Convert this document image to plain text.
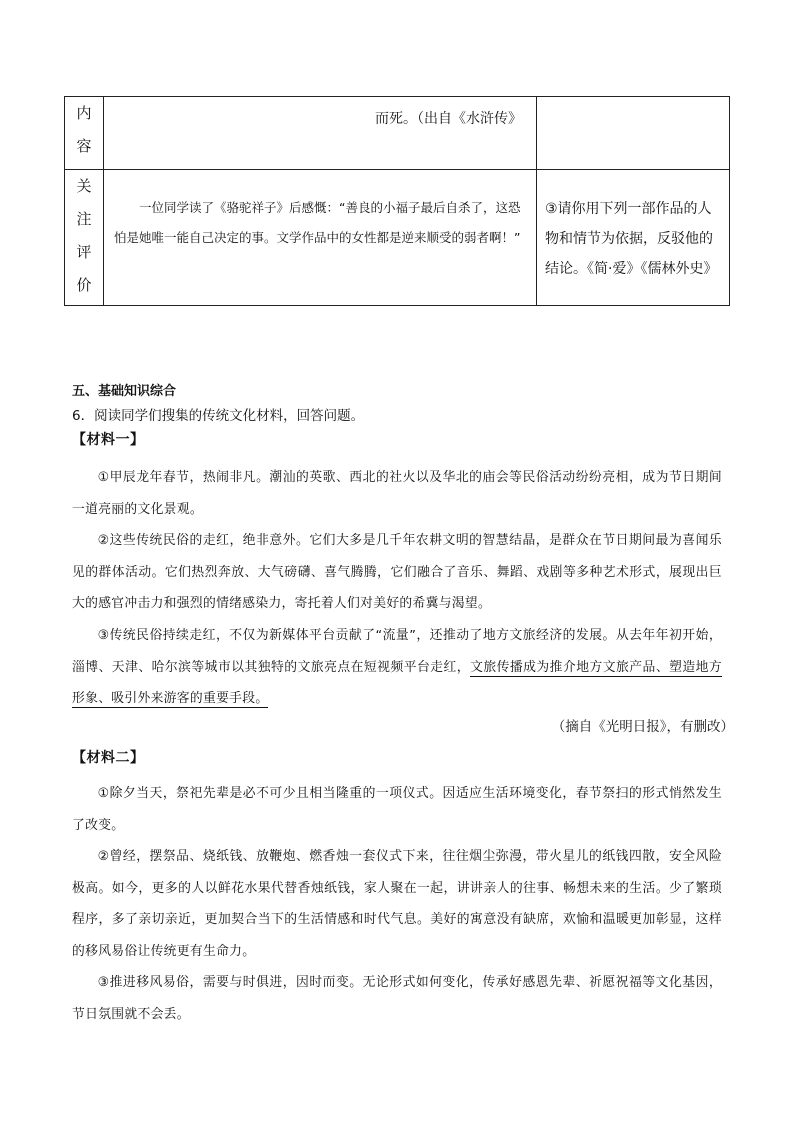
内
容	而死。（出自《水浒传》	

关
注
评
价	一位同学读了《骆驼祥子》后感慨：“善良的小福子最后自杀了，这恐怕是她唯一能自己决定的事。文学作品中的女性都是逆来顺受的弱者啊！”	③请你用下列一部作品的人物和情节为依据，反驳他的结论。《简·爱》《儒林外史》
五、基础知识综合
6．阅读同学们搜集的传统文化材料，回答问题。
【材料一】
①甲辰龙年春节，热闹非凡。潮汕的英歌、西北的社火以及华北的庙会等民俗活动纷纷亮相，成为节日期间一道亮丽的文化景观。
②这些传统民俗的走红，绝非意外。它们大多是几千年农耕文明的智慧结晶，是群众在节日期间最为喜闻乐见的群体活动。它们热烈奔放、大气磅礴、喜气腾腾，它们融合了音乐、舞蹈、戏剧等多种艺术形式，展现出巨大的感官冲击力和强烈的情绪感染力，寄托着人们对美好的希冀与渴望。
③传统民俗持续走红，不仅为新媒体平台贡献了“流量”，还推动了地方文旅经济的发展。从去年年初开始，淄博、天津、哈尔滨等城市以其独特的文旅亮点在短视频平台走红，文旅传播成为推介地方文旅产品、塑造地方形象、吸引外来游客的重要手段。
（摘自《光明日报》，有删改）
【材料二】
①除夕当天，祭祀先辈是必不可少且相当隆重的一项仪式。因适应生活环境变化，春节祭扫的形式悄然发生了改变。
②曾经，摆祭品、烧纸钱、放鞭炮、燃香烛一套仪式下来，往往烟尘弥漫，带火星儿的纸钱四散，安全风险极高。如今，更多的人以鲜花水果代替香烛纸钱，家人聚在一起，讲讲亲人的往事、畅想未来的生活。少了繁琐程序，多了亲切亲近，更加契合当下的生活情感和时代气息。美好的寓意没有缺席，欢愉和温暖更加彰显，这样的移风易俗让传统更有生命力。
③推进移风易俗，需要与时俱进，因时而变。无论形式如何变化，传承好感恩先辈、祈愿祝福等文化基因，节日氛围就不会丢。
